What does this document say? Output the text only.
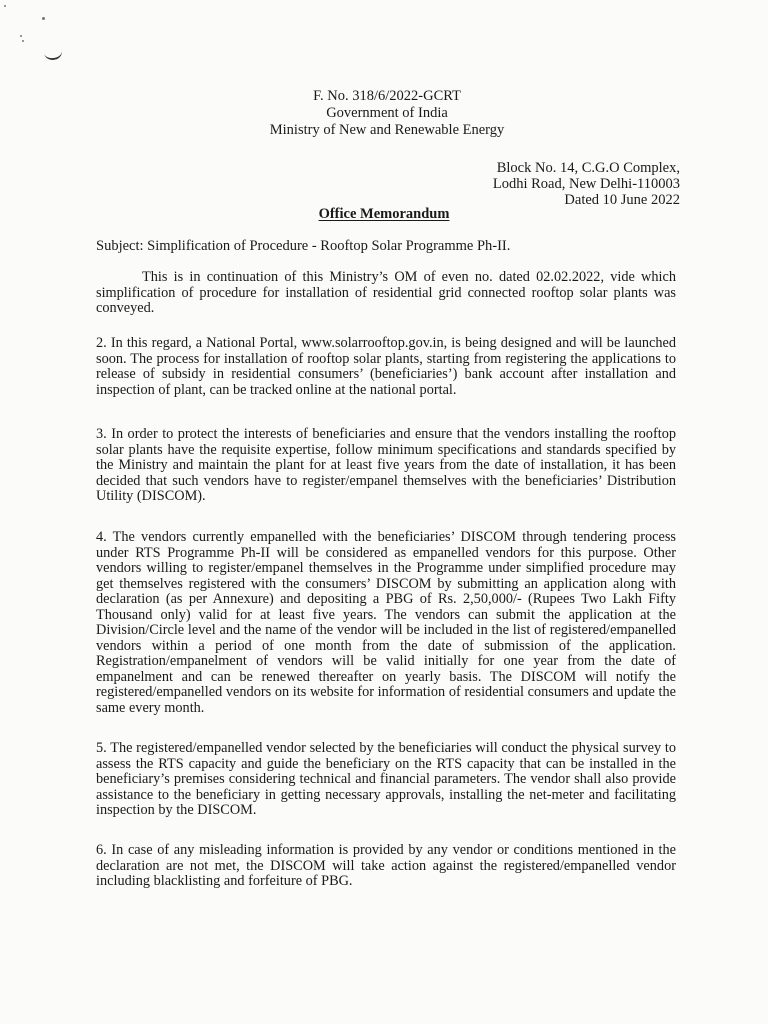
F. No. 318/6/2022-GCRT
Government of India
Ministry of New and Renewable Energy
Block No. 14, C.G.O Complex,
Lodhi Road, New Delhi-110003
Dated 10 June 2022
Office Memorandum
Subject: Simplification of Procedure - Rooftop Solar Programme Ph-II.
This is in continuation of this Ministry’s OM of even no. dated 02.02.2022, vide which simplification of procedure for installation of residential grid connected rooftop solar plants was conveyed.
2. In this regard, a National Portal, www.solarrooftop.gov.in, is being designed and will be launched soon. The process for installation of rooftop solar plants, starting from registering the applications to release of subsidy in residential consumers’ (beneficiaries’) bank account after installation and inspection of plant, can be tracked online at the national portal.
3. In order to protect the interests of beneficiaries and ensure that the vendors installing the rooftop solar plants have the requisite expertise, follow minimum specifications and standards specified by the Ministry and maintain the plant for at least five years from the date of installation, it has been decided that such vendors have to register/empanel themselves with the beneficiaries’ Distribution Utility (DISCOM).
4. The vendors currently empanelled with the beneficiaries’ DISCOM through tendering process under RTS Programme Ph-II will be considered as empanelled vendors for this purpose. Other vendors willing to register/empanel themselves in the Programme under simplified procedure may get themselves registered with the consumers’ DISCOM by submitting an application along with declaration (as per Annexure) and depositing a PBG of Rs. 2,50,000/- (Rupees Two Lakh Fifty Thousand only) valid for at least five years. The vendors can submit the application at the Division/Circle level and the name of the vendor will be included in the list of registered/empanelled vendors within a period of one month from the date of submission of the application. Registration/empanelment of vendors will be valid initially for one year from the date of empanelment and can be renewed thereafter on yearly basis. The DISCOM will notify the registered/empanelled vendors on its website for information of residential consumers and update the same every month.
5. The registered/empanelled vendor selected by the beneficiaries will conduct the physical survey to assess the RTS capacity and guide the beneficiary on the RTS capacity that can be installed in the beneficiary’s premises considering technical and financial parameters. The vendor shall also provide assistance to the beneficiary in getting necessary approvals, installing the net-meter and facilitating inspection by the DISCOM.
6. In case of any misleading information is provided by any vendor or conditions mentioned in the declaration are not met, the DISCOM will take action against the registered/empanelled vendor including blacklisting and forfeiture of PBG.
